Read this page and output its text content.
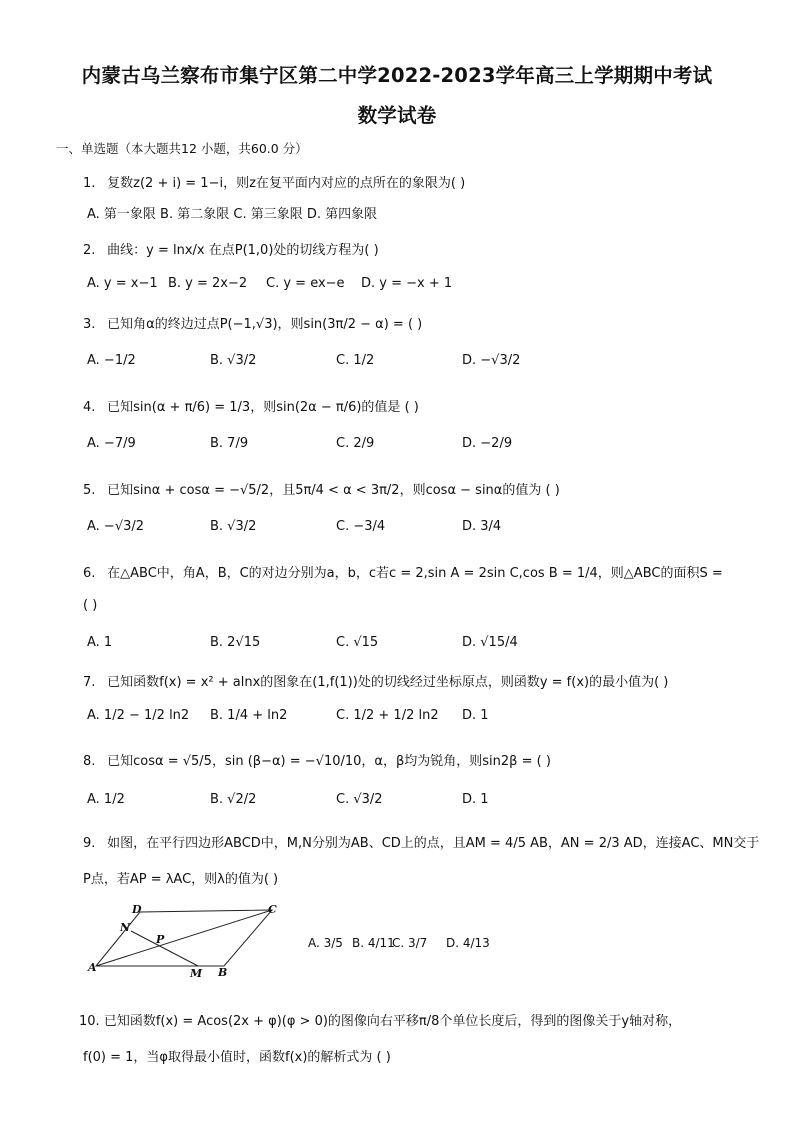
内蒙古乌兰察布市集宁区第二中学2022-2023学年高三上学期期中考试
数学试卷
一、单选题（本大题共12 小题，共60.0 分）
1. 复数z(2 + i) = 1−i，则z在复平面内对应的点所在的象限为( )
A. 第一象限 B. 第二象限 C. 第三象限 D. 第四象限
2. 曲线：y = lnx/x 在点P(1,0)处的切线方程为( )
A. y = x−1 B. y = 2x−2 C. y = ex−e D. y = −x + 1
3. 已知角α的终边过点P(−1,√3)，则sin(3π/2 − α) = ( )
A. −1/2	B. √3/2	C. 1/2	D. −√3/2
4. 已知sin(α + π/6) = 1/3，则sin(2α − π/6)的值是 ( )
A. −7/9	B. 7/9	C. 2/9	D. −2/9
5. 已知sinα + cosα = −√5/2，且5π/4 < α < 3π/2，则cosα − sinα的值为 ( )
A. −√3/2	B. √3/2	C. −3/4	D. 3/4
6. 在△ABC中，角A，B，C的对边分别为a，b，c若c = 2,sin A = 2sin C,cos B = 1/4，则△ABC的面积S =
( )
A. 1	B. 2√15	C. √15	D. √15/4
7. 已知函数f(x) = x² + alnx的图象在(1,f(1))处的切线经过坐标原点，则函数y = f(x)的最小值为( )
A. 1/2 − 1/2 ln2 B. 1/4 + ln2	C. 1/2 + 1/2 ln2 D. 1
8. 已知cosα = √5/5，sin (β−α) = −√10/10，α，β均为锐角，则sin2β = ( )
A. 1/2	B. √2/2	C. √3/2	D. 1
9. 如图，在平行四边形ABCD中，M,N分别为AB、CD上的点，且AM = 4/5 AB，AN = 2/3 AD，连接AC、MN交于
P点，若AP = λAC，则λ的值为( )
D	C
N
P
A	M B
A. 3/5 B. 4/11
C. 3/7 D. 4/13
10. 已知函数f(x) = Acos(2x + φ)(φ > 0)的图像向右平移π/8个单位长度后，得到的图像关于y轴对称，
f(0) = 1，当φ取得最小值时，函数f(x)的解析式为 ( )
